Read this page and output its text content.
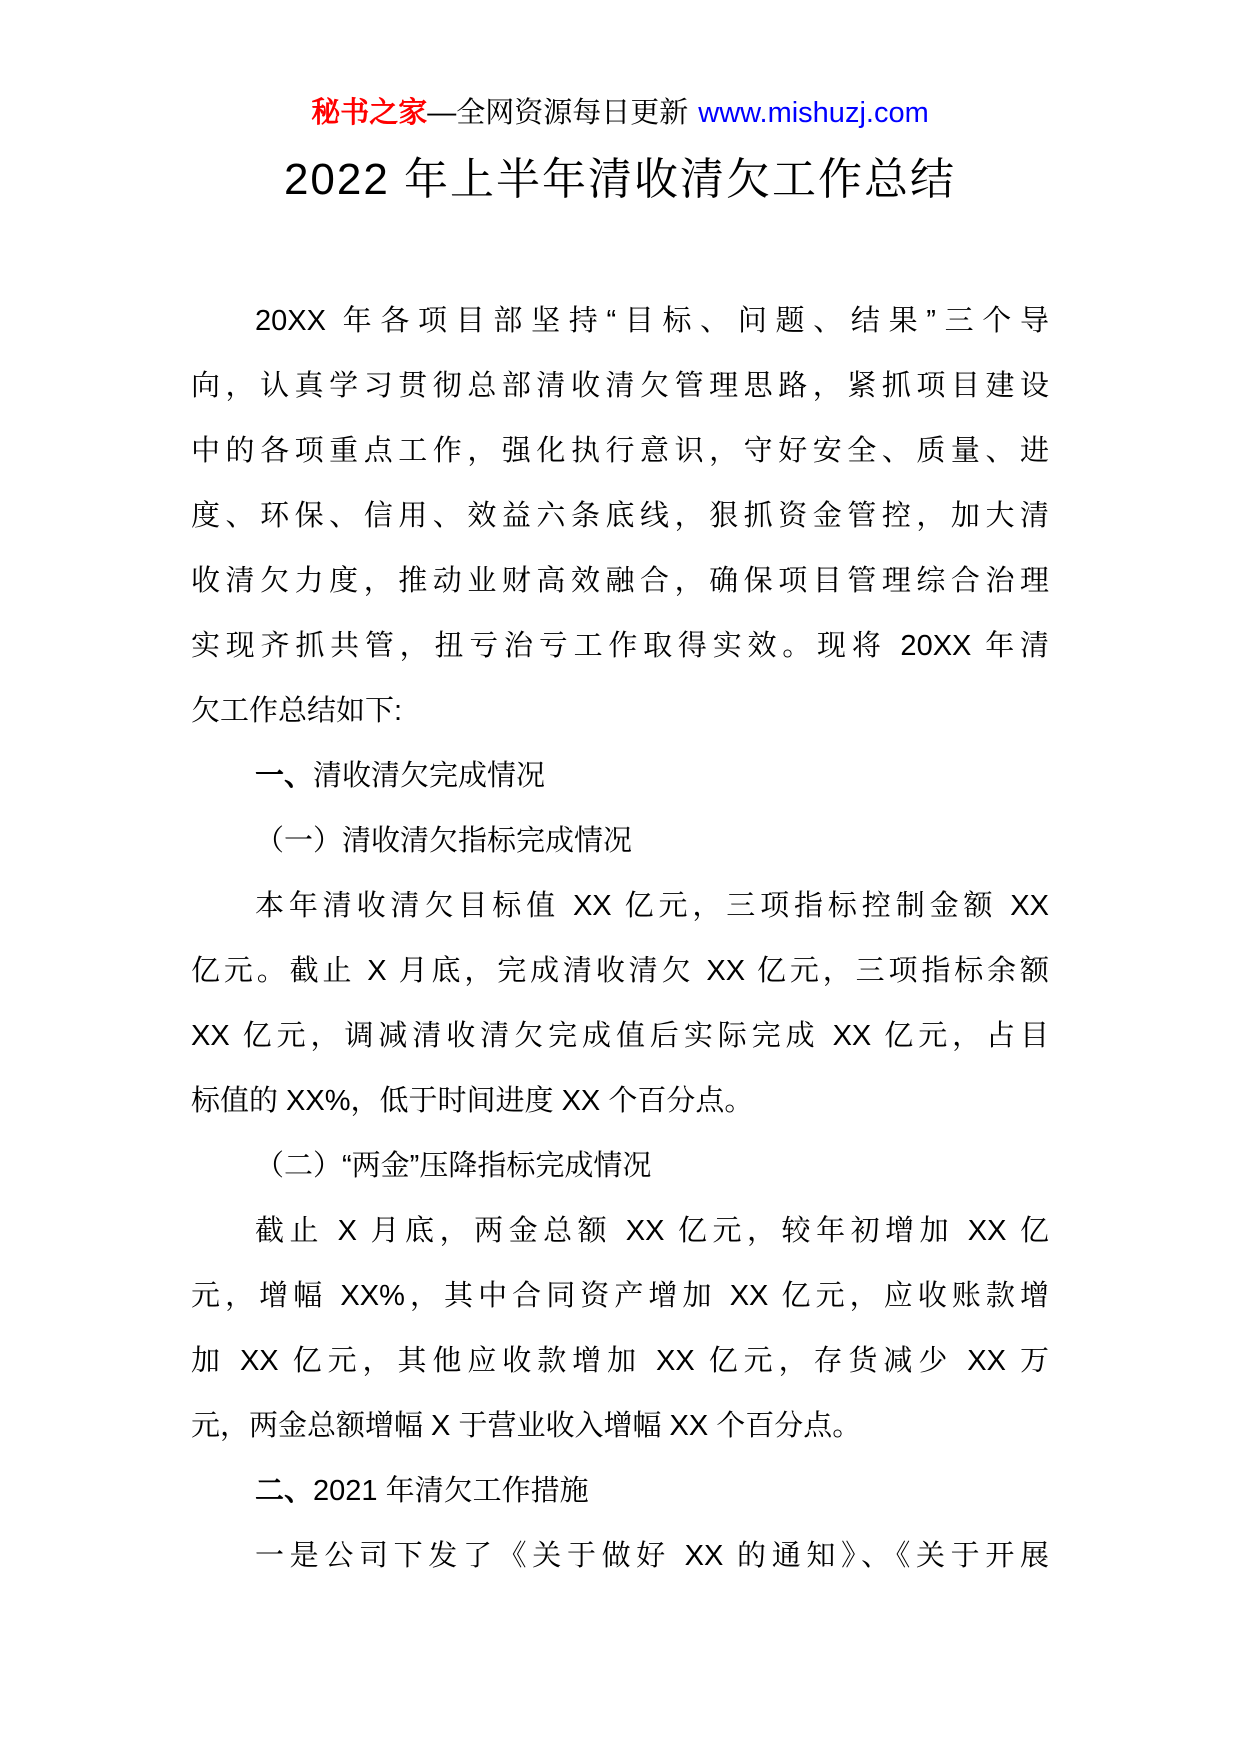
秘书之家—全网资源每日更新 www.mishuzj.com
2022 年上半年清收清欠工作总结
20XX 年各项目部坚持“目标、问题、结果”三个导
向，认真学习贯彻总部清收清欠管理思路，紧抓项目建设
中的各项重点工作，强化执行意识，守好安全、质量、进
度、环保、信用、效益六条底线，狠抓资金管控，加大清
收清欠力度，推动业财高效融合，确保项目管理综合治理
实现齐抓共管，扭亏治亏工作取得实效。现将 20XX 年清
欠工作总结如下:
一、清收清欠完成情况
（一）清收清欠指标完成情况
本年清收清欠目标值 XX 亿元，三项指标控制金额 XX
亿元。截止 X 月底，完成清收清欠 XX 亿元，三项指标余额
XX 亿元，调减清收清欠完成值后实际完成 XX 亿元，占目
标值的 XX%，低于时间进度 XX 个百分点。
（二）“两金”压降指标完成情况
截止 X 月底，两金总额 XX 亿元，较年初增加 XX 亿
元，增幅 XX%，其中合同资产增加 XX 亿元，应收账款增
加 XX 亿元，其他应收款增加 XX 亿元，存货减少 XX 万
元，两金总额增幅 X 于营业收入增幅 XX 个百分点。
二、2021 年清欠工作措施
一是公司下发了《关于做好 XX 的通知》、《关于开展
